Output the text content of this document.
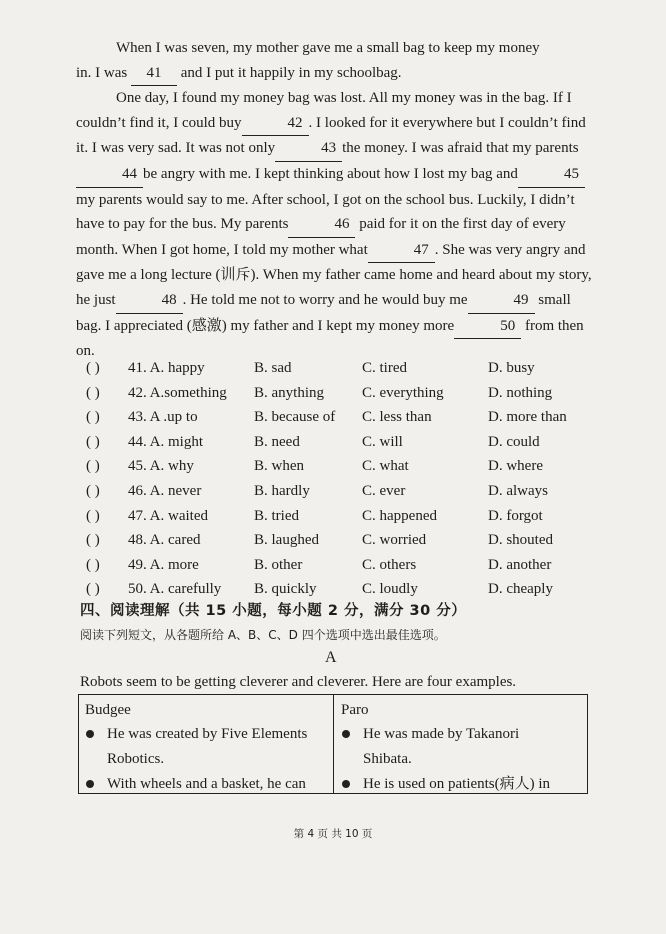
When I was seven, my mother gave me a small bag to keep my money

in. I was 41 and I put it happily in my schoolbag.

One day, I found my money bag was lost. All my money was in the bag. If I couldn’t find it, I could buy	42 . I looked for it everywhere but I couldn’t find it. I was very sad. It was not only	43 the money. I was afraid that my parents44 be angry with me. I kept thinking about how I lost my bag and	45my parents would say to me. After school, I got on the school bus. Luckily, I didn’t have to pay for the bus. My parents	46 paid for it on the first day of every month. When I got home, I told my mother what	47 . She was very angry and gave me a long lecture (训斥). When my father came home and heard about my story, he just	48 . He told me not to worry and he would buy me	49 small bag. I appreciated (感激) my father and I kept my money more	50 from then on.

( ) 41. A. happy	B. sad	C. tired	D. busy
( ) 42. A.something B. anything	C. everything	D. nothing
( ) 43. A .up to	B. because of C. less than	D. more than
( ) 44. A. might	B. need	C. will	D. could
( ) 45. A. why	B. when	C. what	D. where
( ) 46. A. never	B. hardly	C. ever	D. always
( ) 47. A. waited	B. tried	C. happened	D. forgot
( ) 48. A. cared	B. laughed	C. worried	D. shouted
( ) 49. A. more	B. other	C. others	D. another
( ) 50. A. carefully B. quickly	C. loudly	D. cheaply
四、阅读理解（共 15 小题，每小题 2 分，满分 30 分）
阅读下列短文，从各题所给 A、B、C、D 四个选项中选出最佳选项。
A
Robots seem to be getting cleverer and cleverer. Here are four examples.
Budgee
He was created by Five Elements
Robotics.
With wheels and a basket, he can
Paro
He was made by Takanori
Shibata.
He is used on patients(病人) in
第 4 页 共 10 页
